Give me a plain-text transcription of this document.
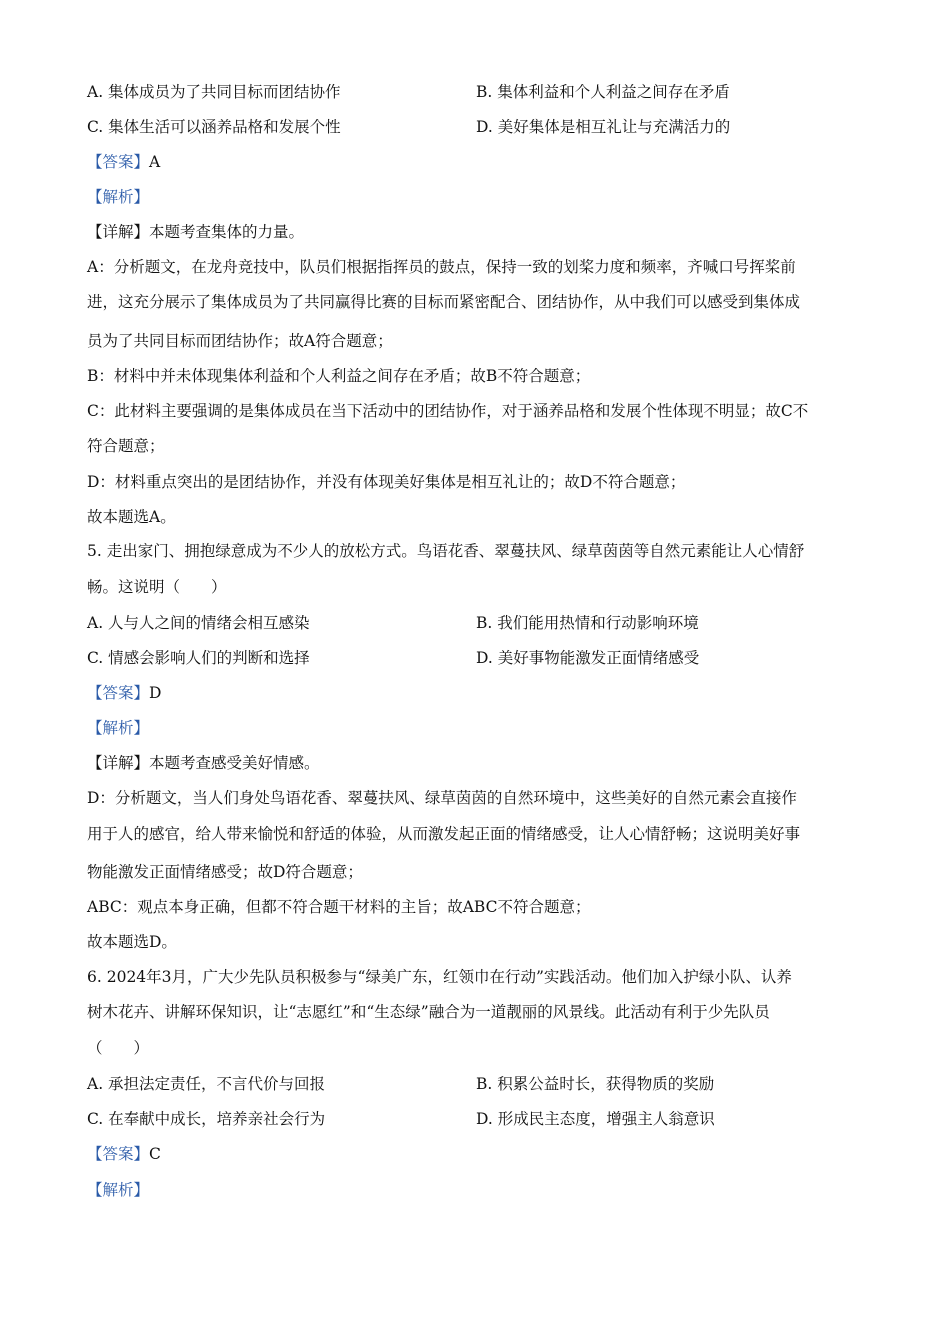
A. 集体成员为了共同目标而团结协作	B. 集体利益和个人利益之间存在矛盾
C. 集体生活可以涵养品格和发展个性	D. 美好集体是相互礼让与充满活力的
【答案】A
【解析】
【详解】本题考查集体的力量。
A：分析题文，在龙舟竞技中，队员们根据指挥员的鼓点，保持一致的划桨力度和频率，齐喊口号挥桨前
进，这充分展示了集体成员为了共同赢得比赛的目标而紧密配合、团结协作，从中我们可以感受到集体成
员为了共同目标而团结协作；故A符合题意；
B：材料中并未体现集体利益和个人利益之间存在矛盾；故B不符合题意；
C：此材料主要强调的是集体成员在当下活动中的团结协作，对于涵养品格和发展个性体现不明显；故C不
符合题意；
D：材料重点突出的是团结协作，并没有体现美好集体是相互礼让的；故D不符合题意；
故本题选A。
5. 走出家门、拥抱绿意成为不少人的放松方式。鸟语花香、翠蔓扶风、绿草茵茵等自然元素能让人心情舒
畅。这说明（　　）
A. 人与人之间的情绪会相互感染	B. 我们能用热情和行动影响环境
C. 情感会影响人们的判断和选择	D. 美好事物能激发正面情绪感受
【答案】D
【解析】
【详解】本题考查感受美好情感。
D：分析题文，当人们身处鸟语花香、翠蔓扶风、绿草茵茵的自然环境中，这些美好的自然元素会直接作
用于人的感官，给人带来愉悦和舒适的体验，从而激发起正面的情绪感受，让人心情舒畅；这说明美好事
物能激发正面情绪感受；故D符合题意；
ABC：观点本身正确，但都不符合题干材料的主旨；故ABC不符合题意；
故本题选D。
6. 2024年3月，广大少先队员积极参与“绿美广东，红领巾在行动”实践活动。他们加入护绿小队、认养
树木花卉、讲解环保知识，让“志愿红”和“生态绿”融合为一道靓丽的风景线。此活动有利于少先队员
（　　）
A. 承担法定责任，不言代价与回报	B. 积累公益时长，获得物质的奖励
C. 在奉献中成长，培养亲社会行为	D. 形成民主态度，增强主人翁意识
【答案】C
【解析】
